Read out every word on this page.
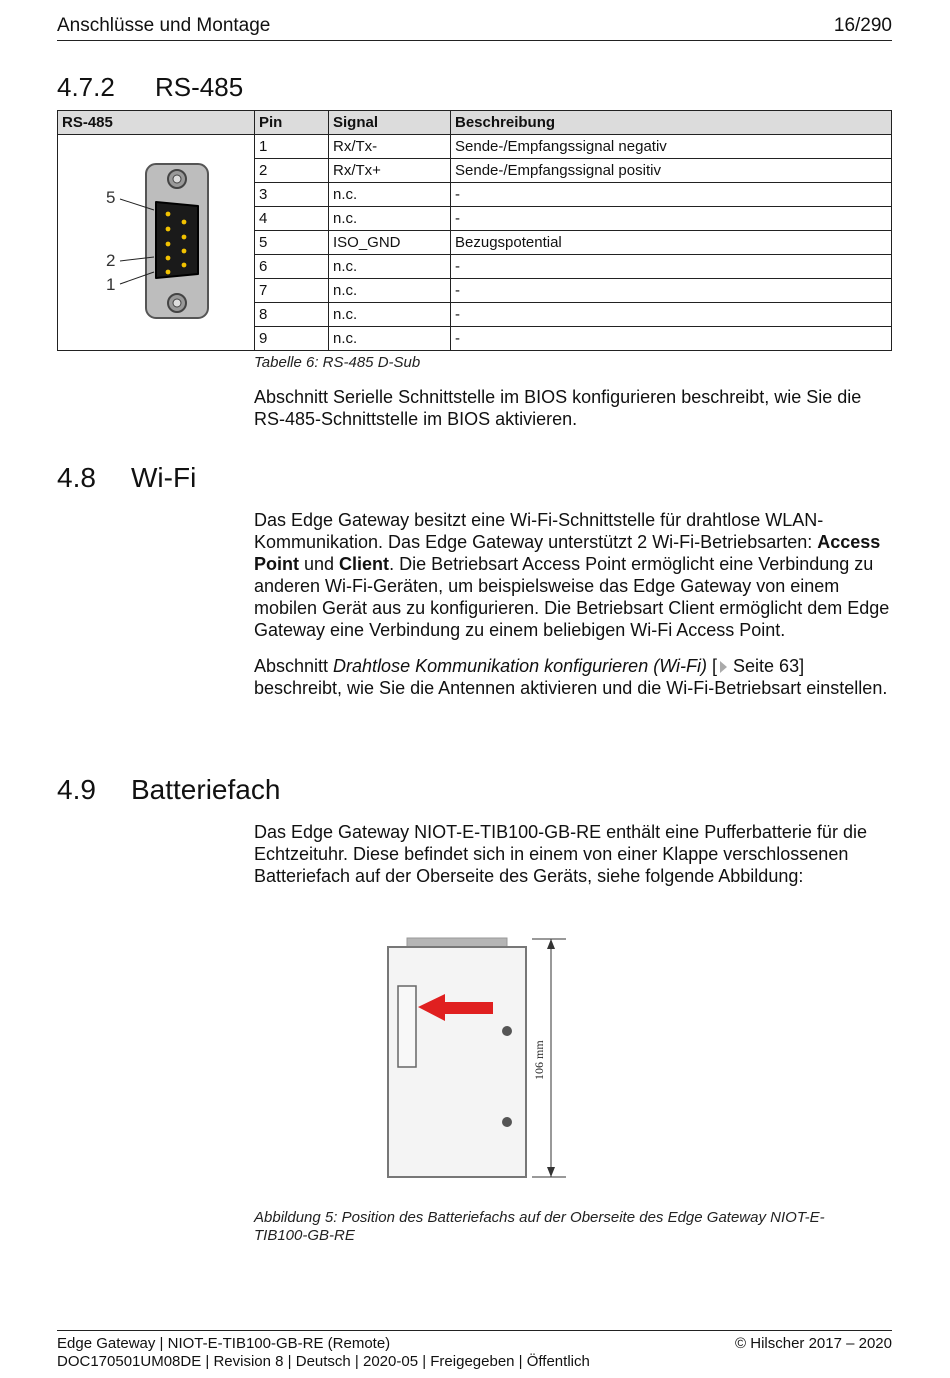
Anschlüsse und Montage	16/290
4.7.2 RS-485
RS-485	Pin	Signal	Beschreibung

5
2
1	1	Rx/Tx-	Sende-/Empfangssignal negativ
	2	Rx/Tx+	Sende-/Empfangssignal positiv
	3	n.c.	-
	4	n.c.	-
	5	ISO_GND	Bezugspotential
	6	n.c.	-
	7	n.c.	-
	8	n.c.	-
	9	n.c.	-
Tabelle 6: RS-485 D-Sub
Abschnitt Serielle Schnittstelle im BIOS konfigurieren beschreibt, wie Sie die RS-485-Schnittstelle im BIOS aktivieren.
4.8 Wi-Fi

Das Edge Gateway besitzt eine Wi-Fi-Schnittstelle für drahtlose WLAN-Kommunikation. Das Edge Gateway unterstützt 2 Wi-Fi-Betriebsarten: Access Point und Client. Die Betriebsart Access Point ermöglicht eine Verbindung zu anderen Wi-Fi-Geräten, um beispielsweise das Edge Gateway von einem mobilen Gerät aus zu konfigurieren. Die Betriebsart Client ermöglicht dem Edge Gateway eine Verbindung zu einem beliebigen Wi-Fi Access Point.

Abschnitt Drahtlose Kommunikation konfigurieren (Wi-Fi) [ Seite 63] beschreibt, wie Sie die Antennen aktivieren und die Wi-Fi-Betriebsart einstellen.

4.9 Batteriefach
Das Edge Gateway NIOT-E-TIB100-GB-RE enthält eine Pufferbatterie für die Echtzeituhr. Diese befindet sich in einem von einer Klappe verschlossenen Batteriefach auf der Oberseite des Geräts, siehe folgende Abbildung:
106 mm
Abbildung 5: Position des Batteriefachs auf der Oberseite des Edge Gateway NIOT-E-TIB100-GB-RE
Edge Gateway | NIOT-E-TIB100-GB-RE (Remote)	© Hilscher 2017 – 2020
DOC170501UM08DE | Revision 8 | Deutsch | 2020-05 | Freigegeben | Öffentlich
